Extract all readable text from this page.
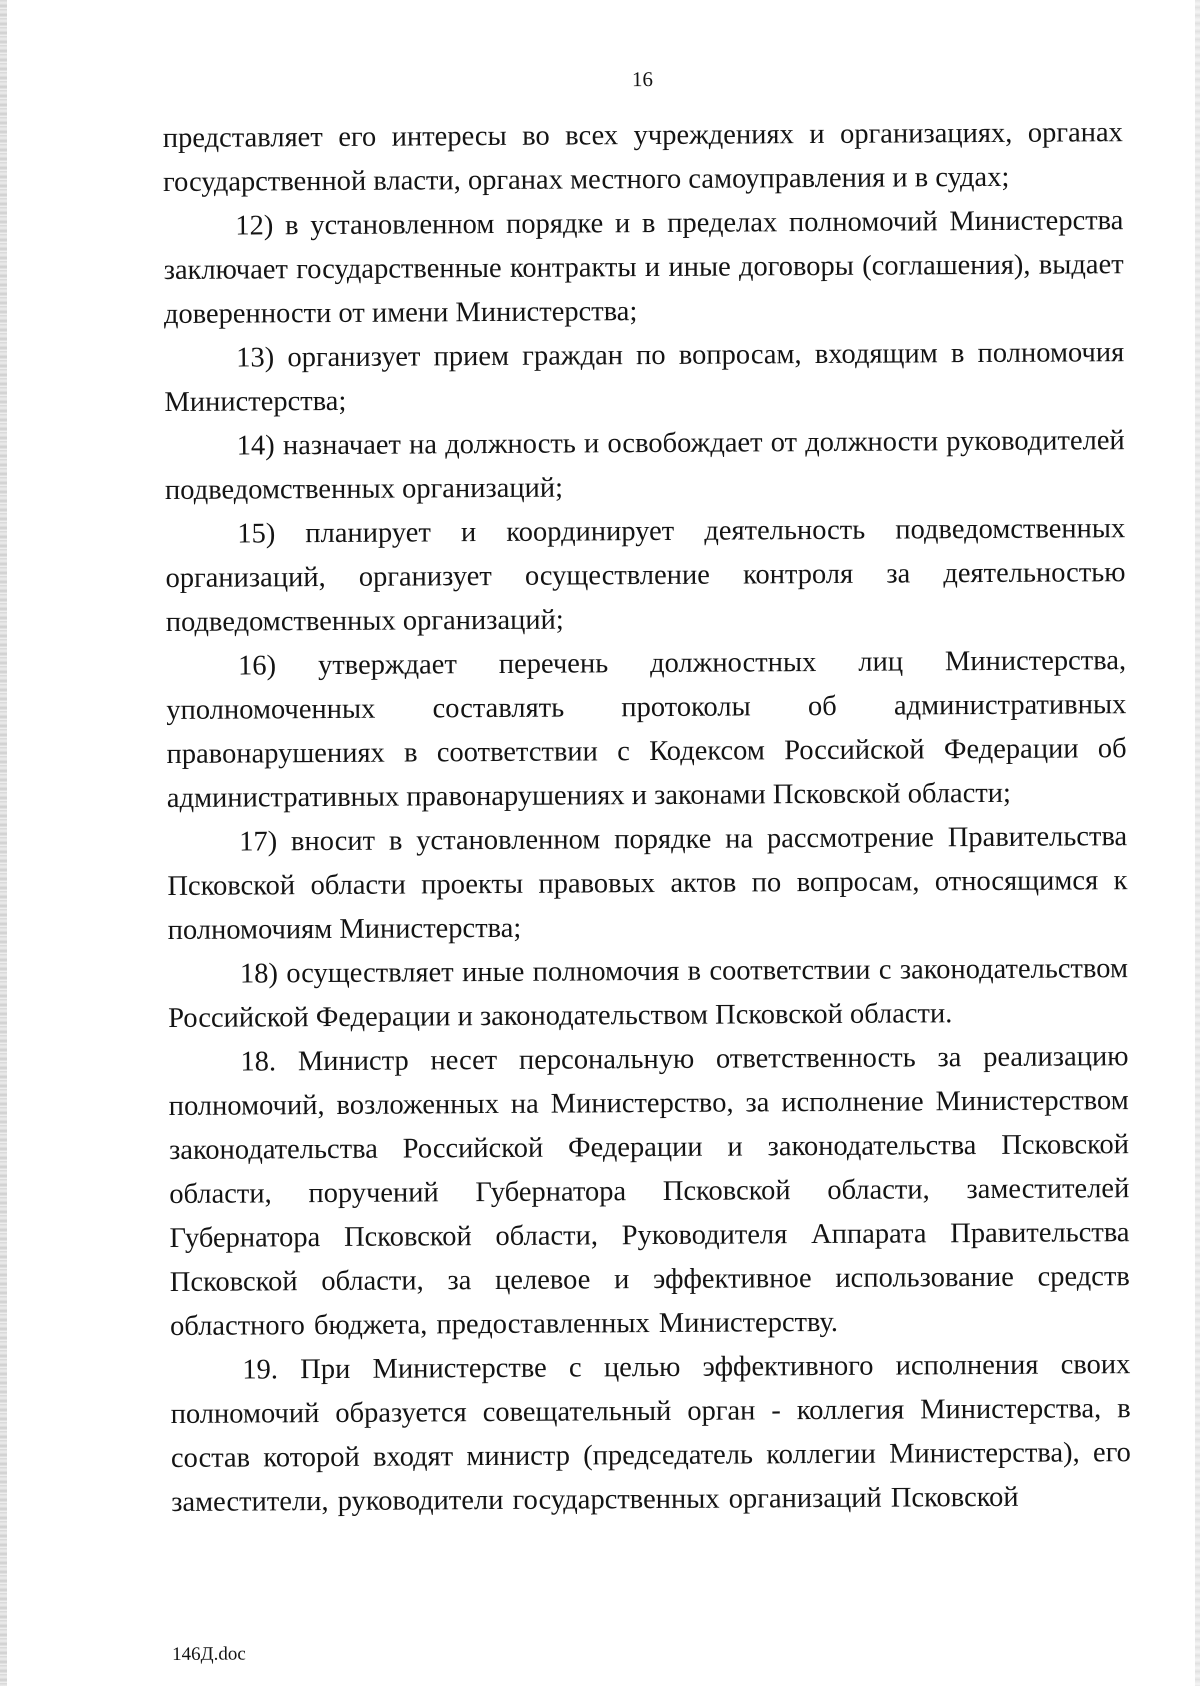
16

представляет его интересы во всех учреждениях и организациях, органах государственной власти, органах местного самоуправления и в судах;

12) в установленном порядке и в пределах полномочий Министерства заключает государственные контракты и иные договоры (соглашения), выдает доверенности от имени Министерства;

13) организует прием граждан по вопросам, входящим в полномочия Министерства;

14) назначает на должность и освобождает от должности руководителей подведомственных организаций;

15) планирует и координирует деятельность подведомственных организаций, организует осуществление контроля за деятельностью подведомственных организаций;

16) утверждает перечень должностных лиц Министерства, уполномоченных составлять протоколы об административных правонарушениях в соответствии с Кодексом Российской Федерации об административных правонарушениях и законами Псковской области;

17) вносит в установленном порядке на рассмотрение Правительства Псковской области проекты правовых актов по вопросам, относящимся к полномочиям Министерства;

18) осуществляет иные полномочия в соответствии с законодательством Российской Федерации и законодательством Псковской области.

18. Министр несет персональную ответственность за реализацию полномочий, возложенных на Министерство, за исполнение Министерством законодательства Российской Федерации и законодательства Псковской области, поручений Губернатора Псковской области, заместителей Губернатора Псковской области, Руководителя Аппарата Правительства Псковской области, за целевое и эффективное использование средств областного бюджета, предоставленных Министерству.

19. При Министерстве с целью эффективного исполнения своих полномочий образуется совещательный орган - коллегия Министерства, в состав которой входят министр (председатель коллегии Министерства), его заместители, руководители государственных организаций Псковской

146Д.doc
